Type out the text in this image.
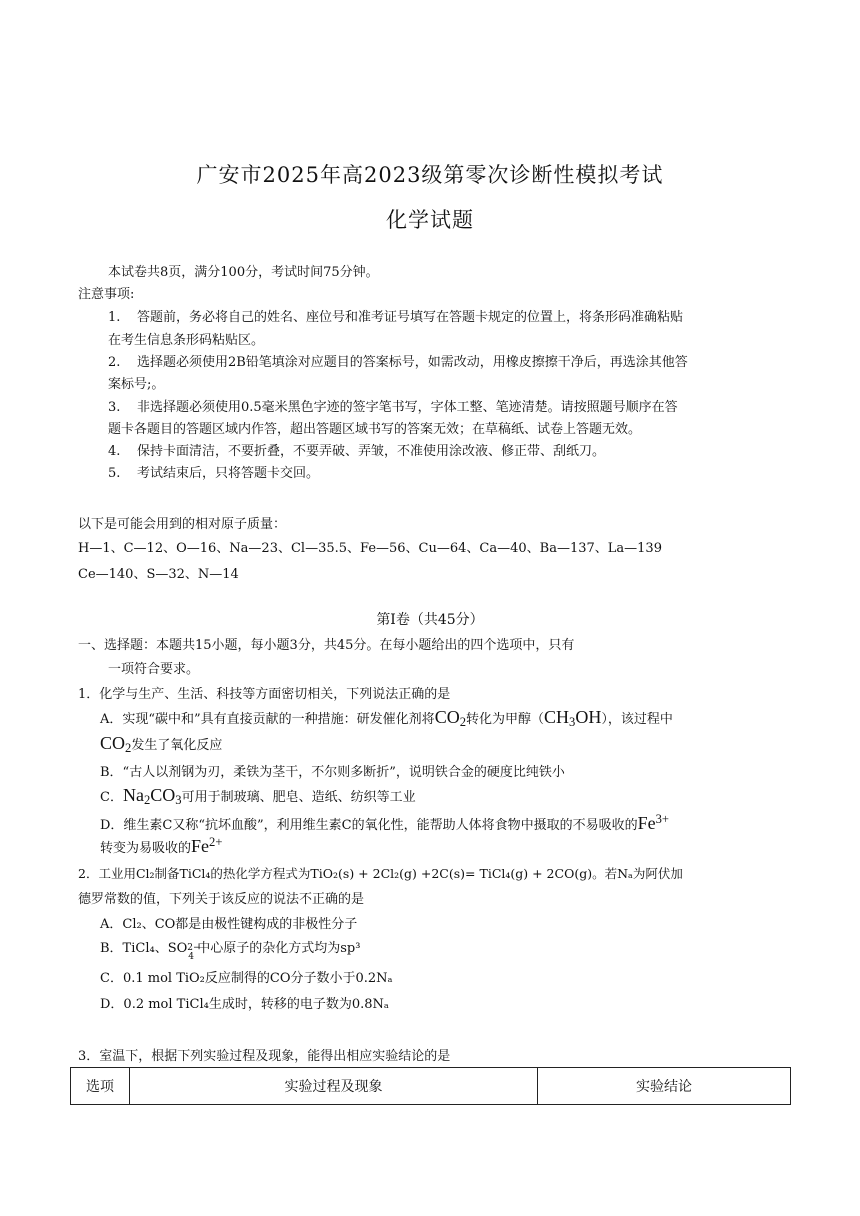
广安市2025年高2023级第零次诊断性模拟考试
化学试题
本试卷共8页，满分100分，考试时间75分钟。
注意事项:
1. 答题前，务必将自己的姓名、座位号和准考证号填写在答题卡规定的位置上，将条形码准确粘贴
在考生信息条形码粘贴区。
2. 选择题必须使用2B铅笔填涂对应题目的答案标号，如需改动，用橡皮擦擦干净后，再选涂其他答
案标号;。
3. 非选择题必须使用0.5毫米黑色字迹的签字笔书写，字体工整、笔迹清楚。请按照题号顺序在答
题卡各题目的答题区域内作答，超出答题区域书写的答案无效；在草稿纸、试卷上答题无效。
4. 保持卡面清洁，不要折叠，不要弄破、弄皱，不准使用涂改液、修正带、刮纸刀。
5. 考试结束后，只将答题卡交回。
以下是可能会用到的相对原子质量：
H—1、C—12、O—16、Na—23、Cl—35.5、Fe—56、Cu—64、Ca—40、Ba—137、La—139
Ce—140、S—32、N—14
第Ⅰ卷（共45分）
一、选择题：本题共15小题，每小题3分，共45分。在每小题给出的四个选项中，只有
一项符合要求。
1．化学与生产、生活、科技等方面密切相关，下列说法正确的是
A．实现“碳中和”具有直接贡献的一种措施：研发催化剂将$CO_2$转化为甲醇$(CH_3OH)$，该过程中
$CO_2$发生了氧化反应
B．“古人以剂钢为刃，柔铁为茎干，不尔则多断折”，说明铁合金的硬度比纯铁小
C．$Na_2CO_3$可用于制玻璃、肥皂、造纸、纺织等工业
D．维生素C又称“抗坏血酸”，利用维生素C的氧化性，能帮助人体将食物中摄取的不易吸收的$Fe^{3+}$
转变为易吸收的$Fe^{2+}$
2．工业用Cl₂制备TiCl₄的热化学方程式为TiO₂(s) + 2Cl₂(g) +2C(s)= TiCl₄(g) + 2CO(g)。若Nₐ为阿伏加
德罗常数的值，下列关于该反应的说法不正确的是
A．Cl₂、CO都是由极性键构成的非极性分子
B．TiCl₄、SO 2−
4
中心原子的杂化方式均为sp³
C．0.1 mol TiO₂反应制得的CO分子数小于0.2Nₐ
D．0.2 mol TiCl₄生成时，转移的电子数为0.8Nₐ
3．室温下，根据下列实验过程及现象，能得出相应实验结论的是
选项	实验过程及现象	实验结论
